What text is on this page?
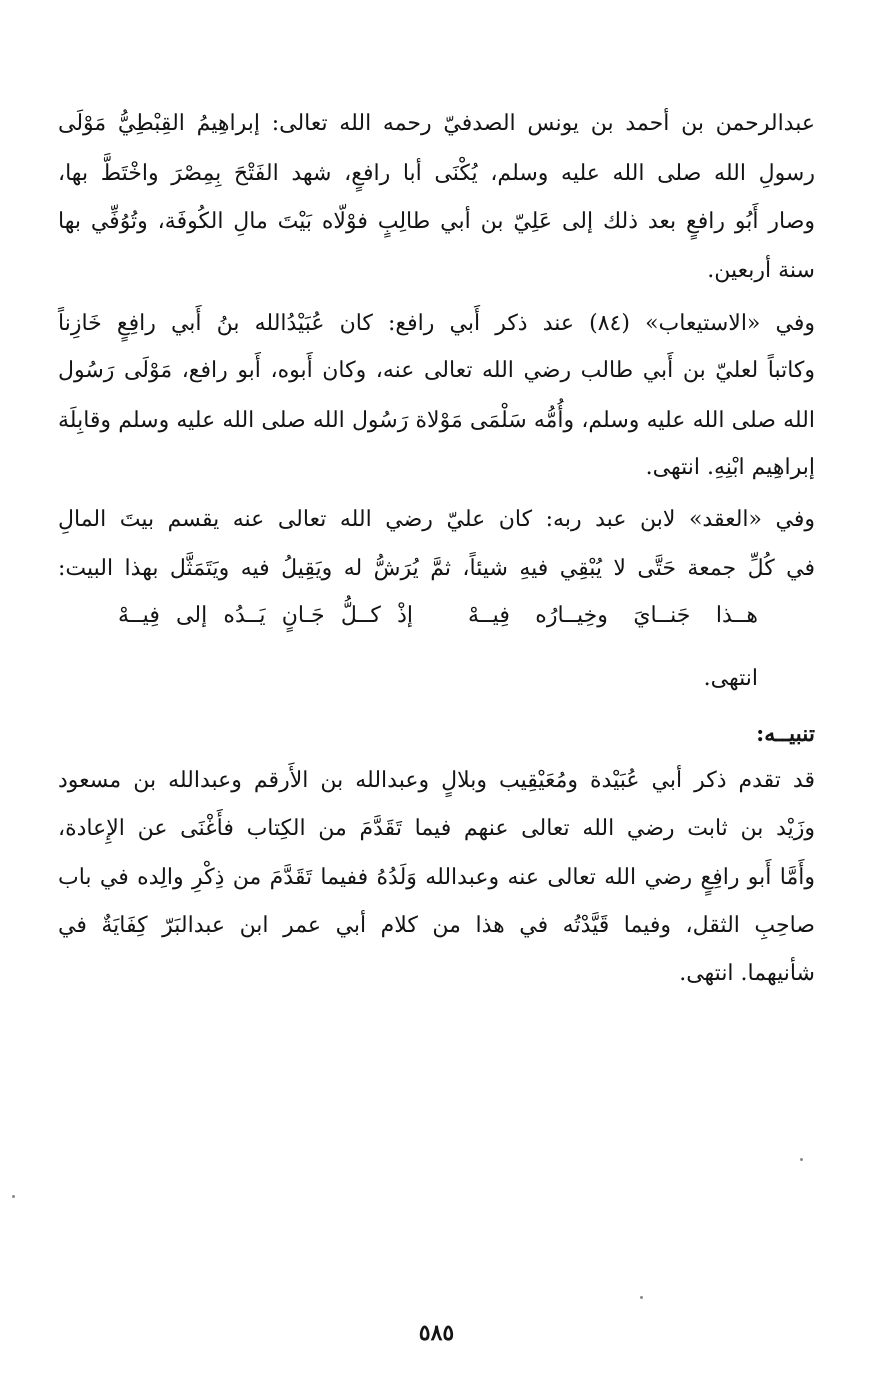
عبدالرحمن بن أحمد بن يونس الصدفيّ رحمه الله تعالى: إبراهِيمُ القِبْطِيُّ مَوْلَى
رسولِ الله صلى الله عليه وسلم، يُكْنَى أبا رافعٍ، شهد الفَتْحَ بِمِصْرَ واخْتَطَّ بها،
وصار أَبُو رافعٍ بعد ذلك إلى عَلِيّ بن أبي طالِبٍ فوْلّاه بَيْتَ مالِ الكُوفَة، وتُوُفِّي بها
سنة أربعين.
وفي «الاستيعاب» (٨٤) عند ذكر أَبي رافع: كان عُبَيْدُالله بنُ أَبي رافِعٍ خَازِناً
وكاتباً لعليّ بن أَبي طالب رضي الله تعالى عنه، وكان أَبوه، أَبو رافع، مَوْلَى رَسُول
الله صلى الله عليه وسلم، وأُمُّه سَلْمَى مَوْلاة رَسُول الله صلى الله عليه وسلم وقابِلَة
إبراهِيم ابْنِهِ. انتهى.
وفي «العقد» لابن عبد ربه: كان عليّ رضي الله تعالى عنه يقسم بيتَ المالِ
في كُلِّ جمعة حَتَّى لا يُبْقِي فيهِ شيئاً، ثمَّ يُرَشُّ له ويَقِيلُ فيه ويَتَمَثَّل بهذا البيت:
هــذا جَنــايَ وخِيــارُه فِيــهْ
إذْ كــلُّ جَـانٍ يَــدُه إلى فِيــهْ
انتهى.
تنبيــه:
قد تقدم ذكر أبي عُبَيْدة ومُعَيْقِيب وبلالٍ وعبدالله بن الأَرقم وعبدالله بن مسعود
وزَيْد بن ثابت رضي الله تعالى عنهم فيما تَقَدَّمَ من الكِتاب فأَغْنَى عن الإِعادة،
وأَمَّا أَبو رافِعٍ رضي الله تعالى عنه وعبدالله وَلَدُهُ ففيما تَقَدَّمَ من ذِكْرِ والِده في باب
صاحِبِ الثقل، وفيما قَيَّدْتُه في هذا من كلام أبي عمر ابن عبدالبَرّ كِفَايَةٌ في
شأنيهما. انتهى.
٥٨٥
